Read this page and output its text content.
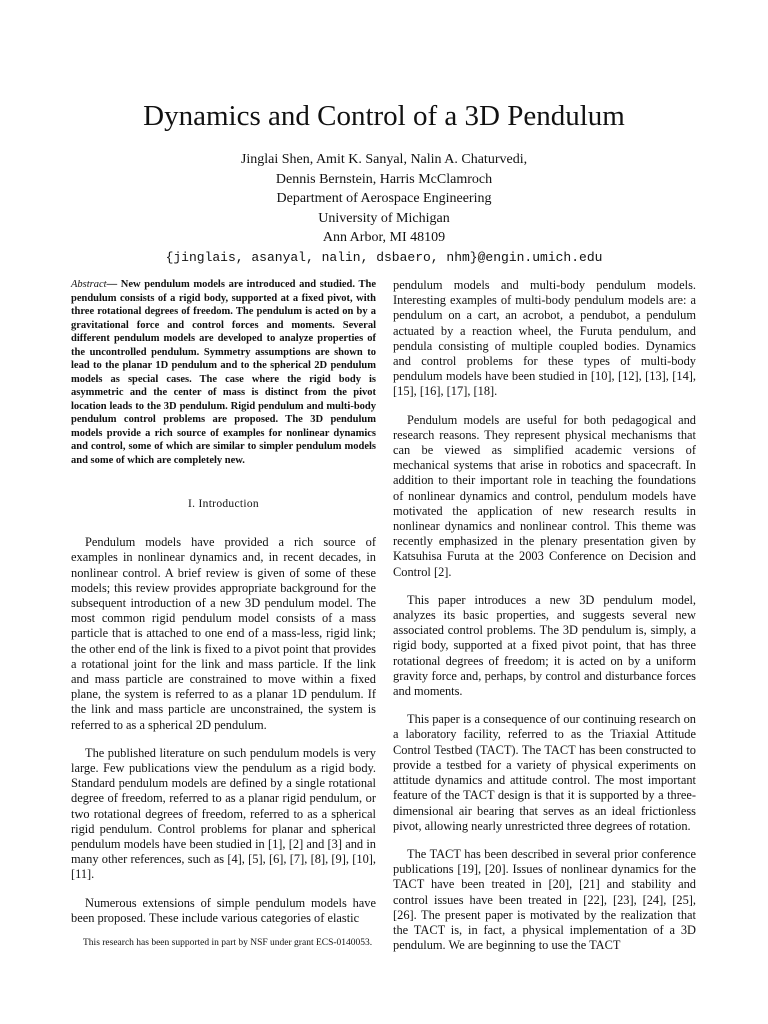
Dynamics and Control of a 3D Pendulum
Jinglai Shen, Amit K. Sanyal, Nalin A. Chaturvedi,
Dennis Bernstein, Harris McClamroch
Department of Aerospace Engineering
University of Michigan
Ann Arbor, MI 48109
{jinglais, asanyal, nalin, dsbaero, nhm}@engin.umich.edu

Abstract— New pendulum models are introduced and studied. The pendulum consists of a rigid body, supported at a fixed pivot, with three rotational degrees of freedom. The pendulum is acted on by a gravitational force and control forces and moments. Several different pendulum models are developed to analyze properties of the uncontrolled pendulum. Symmetry assumptions are shown to lead to the planar 1D pendulum and to the spherical 2D pendulum models as special cases. The case where the rigid body is asymmetric and the center of mass is distinct from the pivot location leads to the 3D pendulum. Rigid pendulum and multi-body pendulum control problems are proposed. The 3D pendulum models provide a rich source of examples for nonlinear dynamics and control, some of which are similar to simpler pendulum models and some of which are completely new.

I. Introduction

Pendulum models have provided a rich source of examples in nonlinear dynamics and, in recent decades, in nonlinear control. A brief review is given of some of these models; this review provides appropriate background for the subsequent introduction of a new 3D pendulum model. The most common rigid pendulum model consists of a mass particle that is attached to one end of a mass-less, rigid link; the other end of the link is fixed to a pivot point that provides a rotational joint for the link and mass particle. If the link and mass particle are constrained to move within a fixed plane, the system is referred to as a planar 1D pendulum. If the link and mass particle are unconstrained, the system is referred to as a spherical 2D pendulum.

The published literature on such pendulum models is very large. Few publications view the pendulum as a rigid body. Standard pendulum models are defined by a single rotational degree of freedom, referred to as a planar rigid pendulum, or two rotational degrees of freedom, referred to as a spherical rigid pendulum. Control problems for planar and spherical pendulum models have been studied in [1], [2] and [3] and in many other references, such as [4], [5], [6], [7], [8], [9], [10], [11].

Numerous extensions of simple pendulum models have been proposed. These include various categories of elastic

This research has been supported in part by NSF under grant ECS-0140053.

pendulum models and multi-body pendulum models. Interesting examples of multi-body pendulum models are: a pendulum on a cart, an acrobot, a pendubot, a pendulum actuated by a reaction wheel, the Furuta pendulum, and pendula consisting of multiple coupled bodies. Dynamics and control problems for these types of multi-body pendulum models have been studied in [10], [12], [13], [14], [15], [16], [17], [18].

Pendulum models are useful for both pedagogical and research reasons. They represent physical mechanisms that can be viewed as simplified academic versions of mechanical systems that arise in robotics and spacecraft. In addition to their important role in teaching the foundations of nonlinear dynamics and control, pendulum models have motivated the application of new research results in nonlinear dynamics and nonlinear control. This theme was recently emphasized in the plenary presentation given by Katsuhisa Furuta at the 2003 Conference on Decision and Control [2].

This paper introduces a new 3D pendulum model, analyzes its basic properties, and suggests several new associated control problems. The 3D pendulum is, simply, a rigid body, supported at a fixed pivot point, that has three rotational degrees of freedom; it is acted on by a uniform gravity force and, perhaps, by control and disturbance forces and moments.

This paper is a consequence of our continuing research on a laboratory facility, referred to as the Triaxial Attitude Control Testbed (TACT). The TACT has been constructed to provide a testbed for a variety of physical experiments on attitude dynamics and attitude control. The most important feature of the TACT design is that it is supported by a three-dimensional air bearing that serves as an ideal frictionless pivot, allowing nearly unrestricted three degrees of rotation.

The TACT has been described in several prior conference publications [19], [20]. Issues of nonlinear dynamics for the TACT have been treated in [20], [21] and stability and control issues have been treated in [22], [23], [24], [25], [26]. The present paper is motivated by the realization that the TACT is, in fact, a physical implementation of a 3D pendulum. We are beginning to use the TACT
